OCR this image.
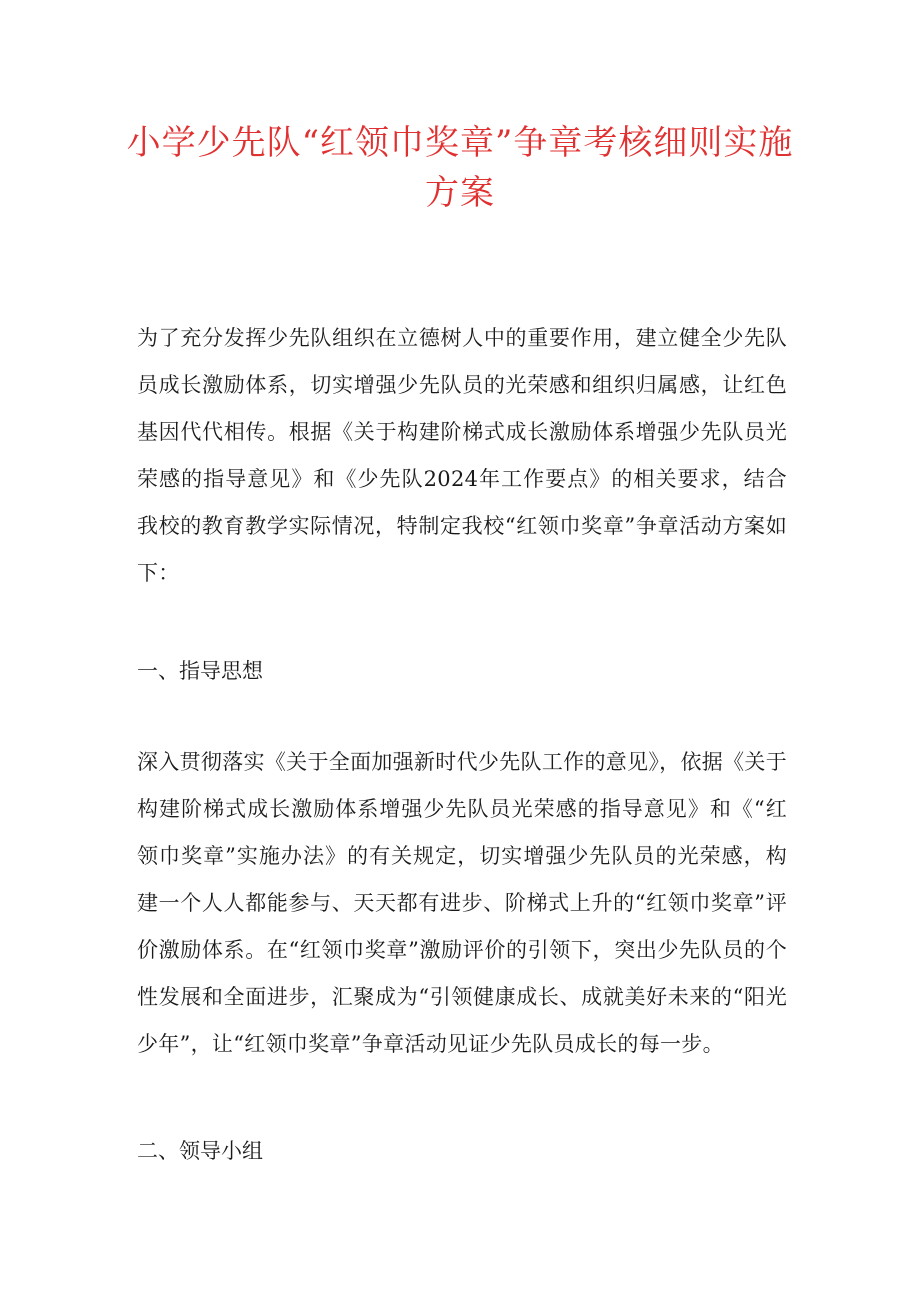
小学少先队“红领巾奖章”争章考核细则实施方案

为了充分发挥少先队组织在立德树人中的重要作用，建立健全少先队员成长激励体系，切实增强少先队员的光荣感和组织归属感，让红色基因代代相传。根据《关于构建阶梯式成长激励体系增强少先队员光荣感的指导意见》和《少先队2024年工作要点》的相关要求，结合我校的教育教学实际情况，特制定我校“红领巾奖章”争章活动方案如下：

一、指导思想

深入贯彻落实《关于全面加强新时代少先队工作的意见》，依据《关于构建阶梯式成长激励体系增强少先队员光荣感的指导意见》和《“红领巾奖章”实施办法》的有关规定，切实增强少先队员的光荣感，构建一个人人都能参与、天天都有进步、阶梯式上升的“红领巾奖章”评价激励体系。在“红领巾奖章”激励评价的引领下，突出少先队员的个性发展和全面进步，汇聚成为“引领健康成长、成就美好未来的“阳光少年”，让“红领巾奖章”争章活动见证少先队员成长的每一步。

二、领导小组
